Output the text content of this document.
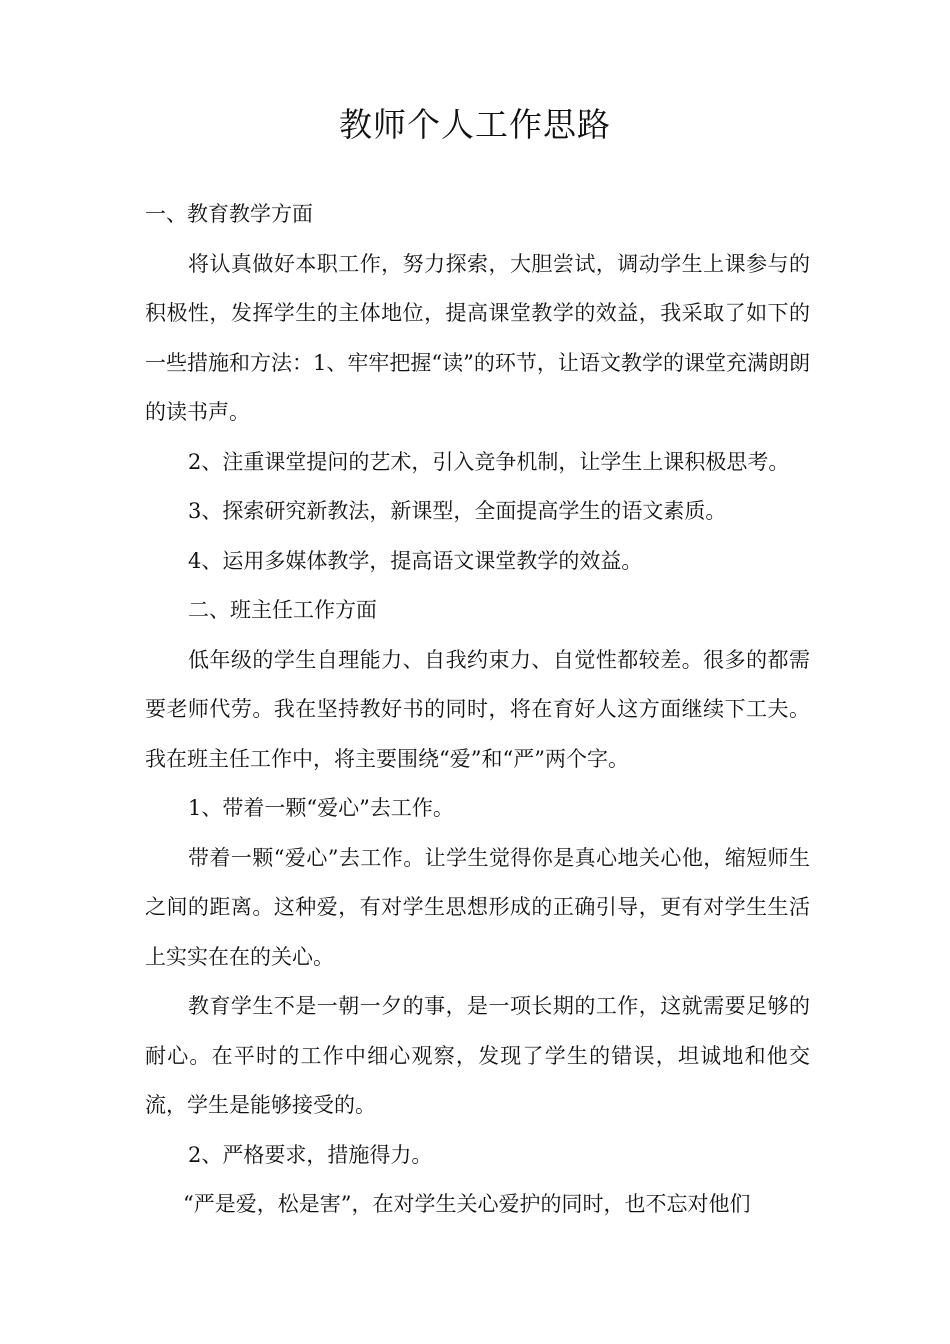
教师个人工作思路

一、教育教学方面

将认真做好本职工作，努力探索，大胆尝试，调动学生上课参与的积极性，发挥学生的主体地位，提高课堂教学的效益，我采取了如下的一些措施和方法：1、牢牢把握“读”的环节，让语文教学的课堂充满朗朗的读书声。

2、注重课堂提问的艺术，引入竞争机制，让学生上课积极思考。

3、探索研究新教法，新课型，全面提高学生的语文素质。

4、运用多媒体教学，提高语文课堂教学的效益。

二、班主任工作方面

低年级的学生自理能力、自我约束力、自觉性都较差。很多的都需要老师代劳。我在坚持教好书的同时，将在育好人这方面继续下工夫。我在班主任工作中，将主要围绕“爱”和“严”两个字。

1、带着一颗“爱心”去工作。

带着一颗“爱心”去工作。让学生觉得你是真心地关心他，缩短师生之间的距离。这种爱，有对学生思想形成的正确引导，更有对学生生活上实实在在的关心。

教育学生不是一朝一夕的事，是一项长期的工作，这就需要足够的耐心。在平时的工作中细心观察，发现了学生的错误，坦诚地和他交流，学生是能够接受的。

2、严格要求，措施得力。

“严是爱，松是害”，在对学生关心爱护的同时，也不忘对他们
